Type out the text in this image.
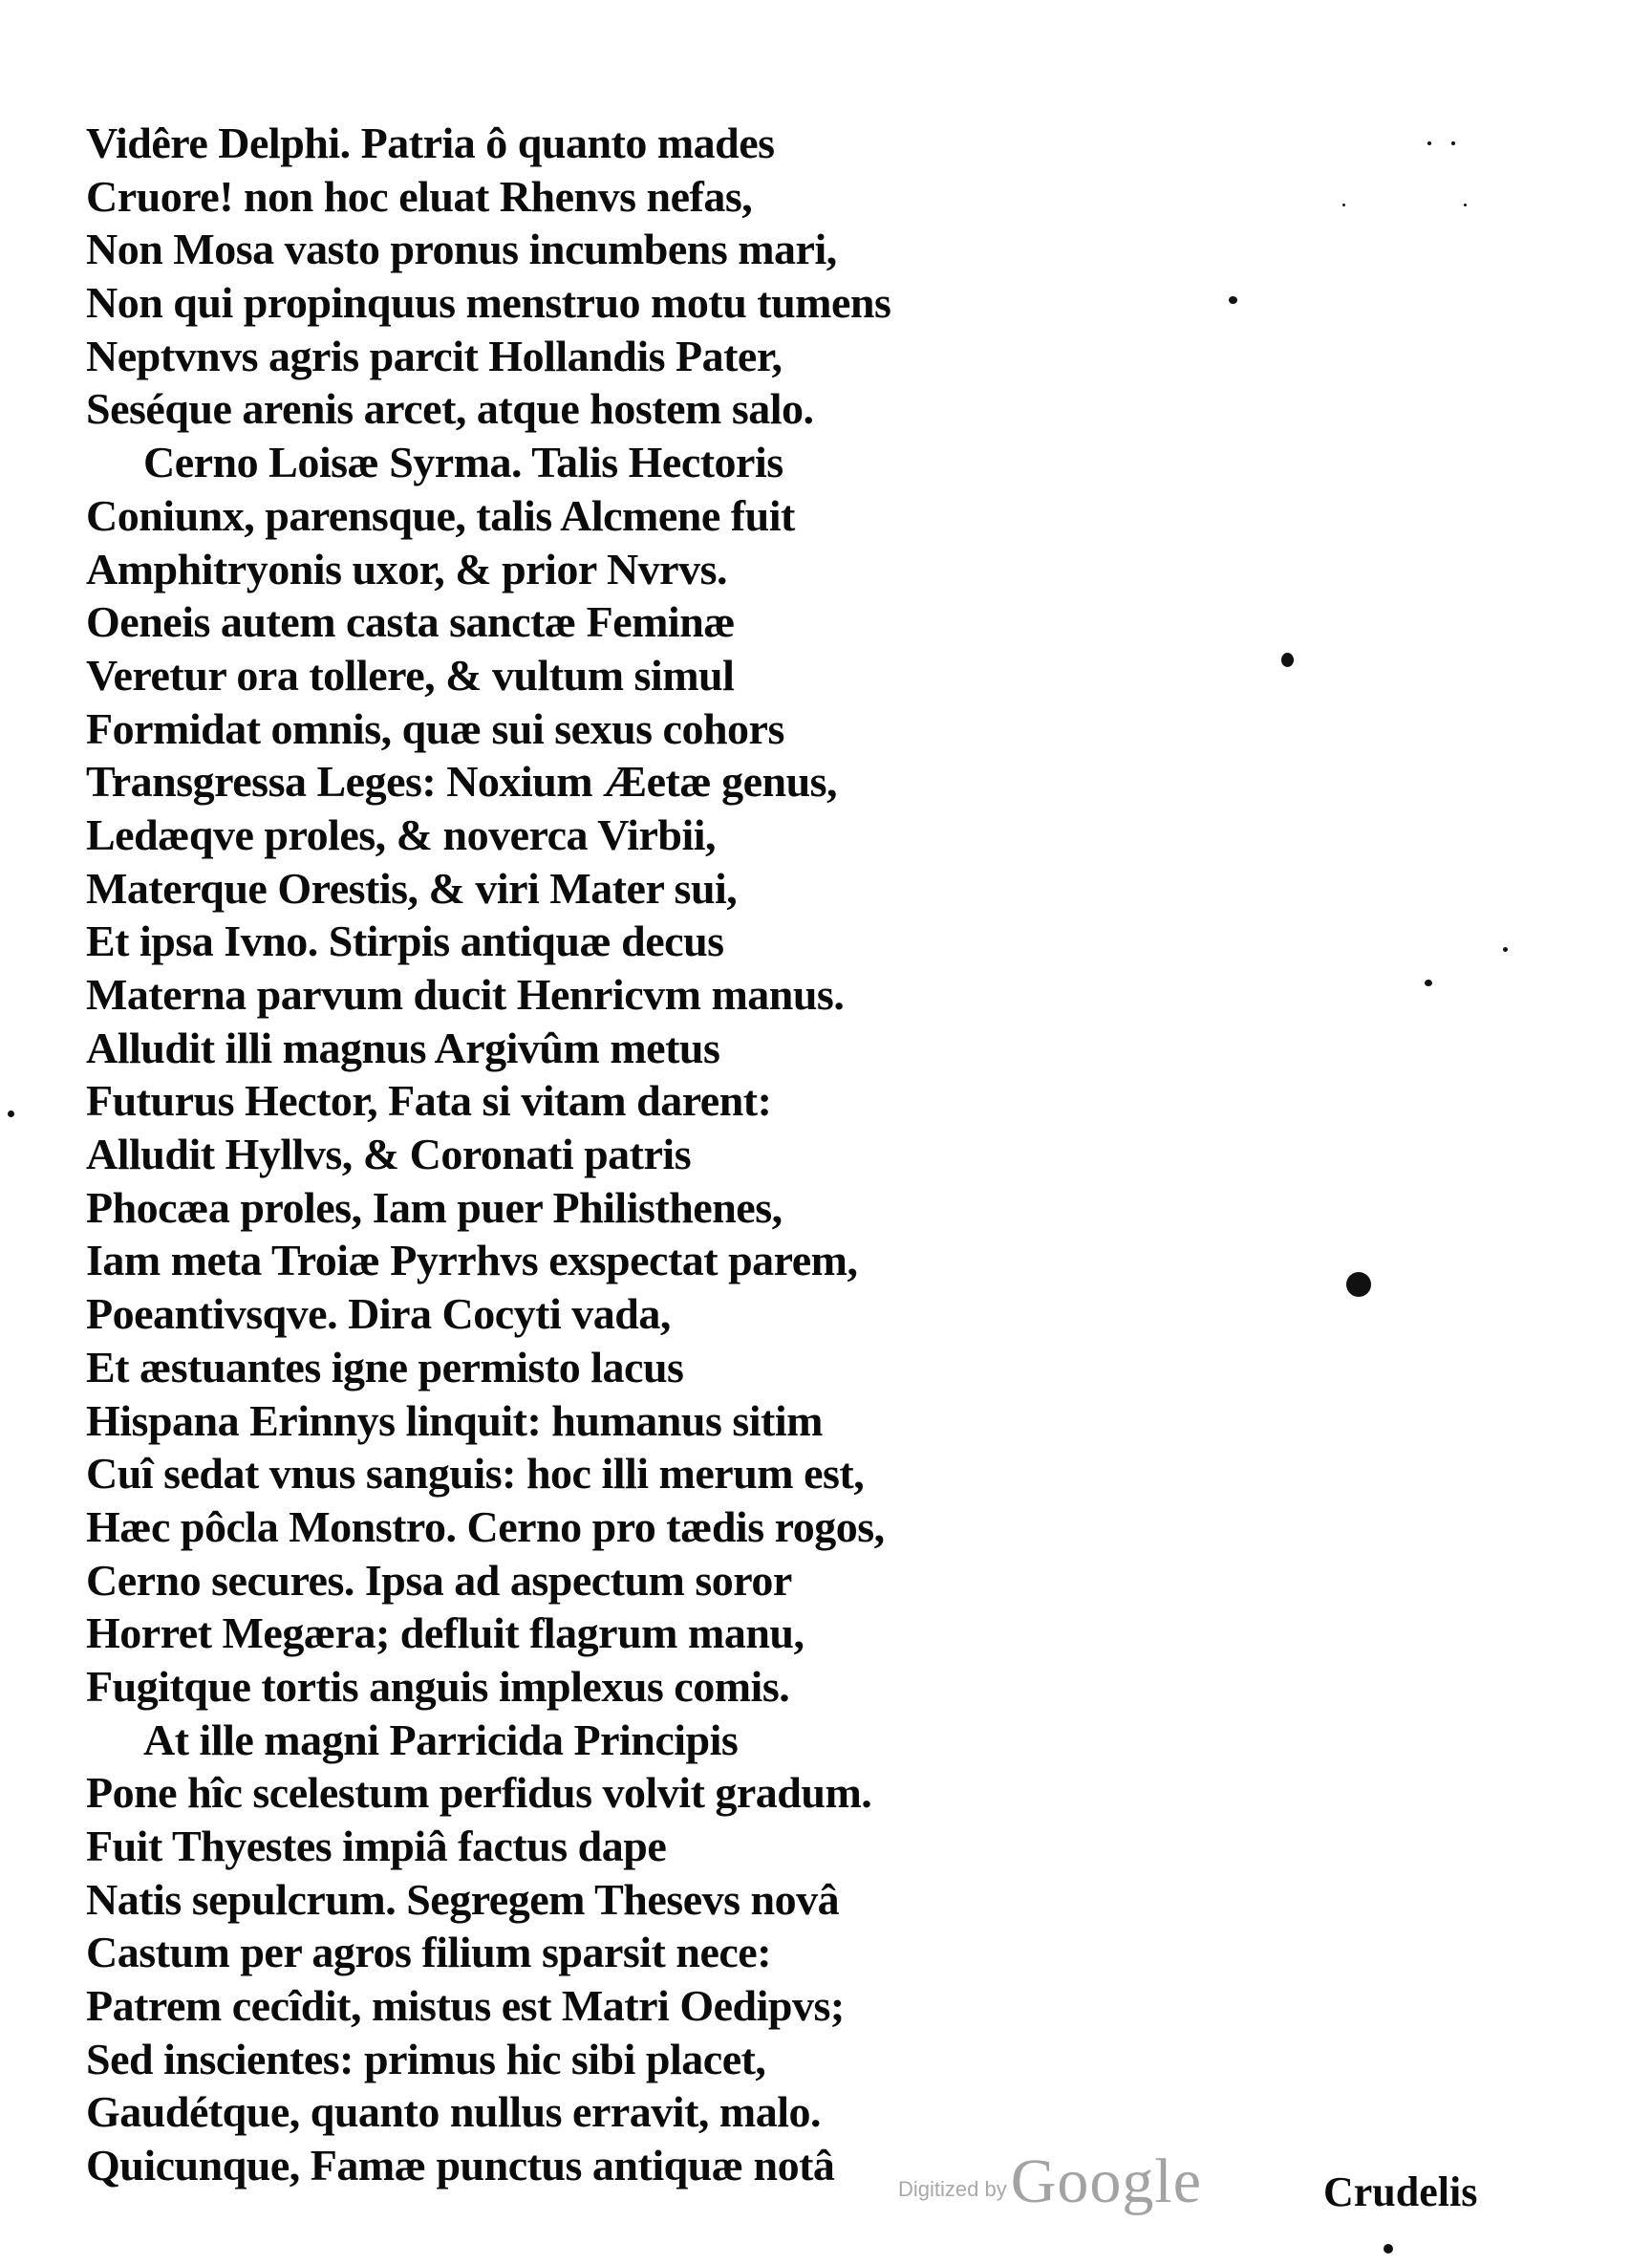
Vidêre Delphi. Patria ô quanto mades
Cruore! non hoc eluat Rhenvs nefas,
Non Mosa vasto pronus incumbens mari,
Non qui propinquus menstruo motu tumens
Neptvnvs agris parcit Hollandis Pater,
Seséque arenis arcet, atque hostem salo.
Cerno Loisæ Syrma. Talis Hectoris
Coniunx, parensque, talis Alcmene fuit
Amphitryonis uxor, & prior Nvrvs.
Oeneis autem casta sanctæ Feminæ
Veretur ora tollere, & vultum simul
Formidat omnis, quæ sui sexus cohors
Transgressa Leges: Noxium Æetæ genus,
Ledæqve proles, & noverca Virbii,
Materque Orestis, & viri Mater sui,
Et ipsa Ivno. Stirpis antiquæ decus
Materna parvum ducit Henricvm manus.
Alludit illi magnus Argivûm metus
Futurus Hector, Fata si vitam darent:
Alludit Hyllvs, & Coronati patris
Phocæa proles, Iam puer Philisthenes,
Iam meta Troiæ Pyrrhvs exspectat parem,
Poeantivsqve. Dira Cocyti vada,
Et æstuantes igne permisto lacus
Hispana Erinnys linquit: humanus sitim
Cuî sedat vnus sanguis: hoc illi merum est,
Hæc pôcla Monstro. Cerno pro tædis rogos,
Cerno secures. Ipsa ad aspectum soror
Horret Megæra; defluit flagrum manu,
Fugitque tortis anguis implexus comis.
At ille magni Parricida Principis
Pone hîc scelestum perfidus volvit gradum.
Fuit Thyestes impiâ factus dape
Natis sepulcrum. Segregem Thesevs novâ
Castum per agros filium sparsit nece:
Patrem cecîdit, mistus est Matri Oedipvs;
Sed inscientes: primus hic sibi placet,
Gaudétque, quanto nullus erravit, malo.
Quicunque, Famæ punctus antiquæ notâ	Digitized by Google	Crudelis
